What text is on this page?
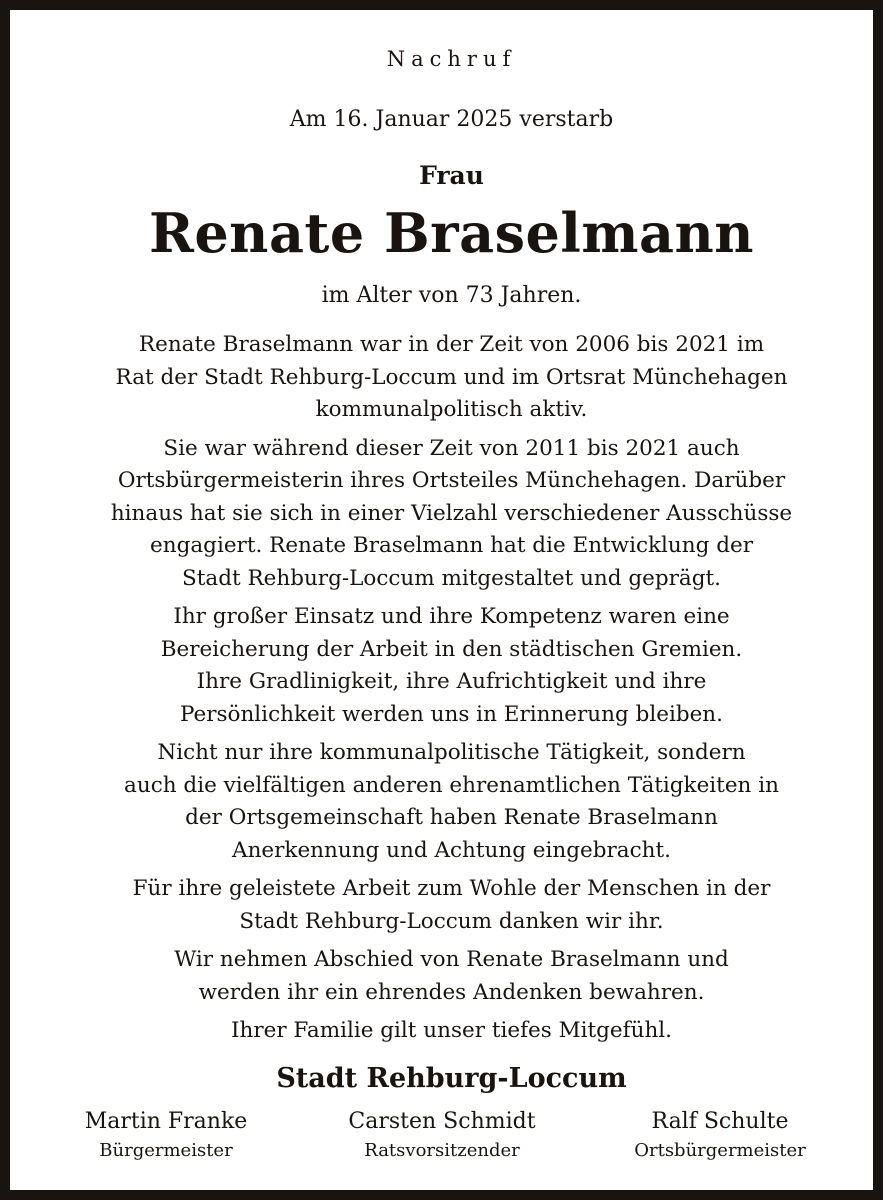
Nachruf
Am 16. Januar 2025 verstarb
Frau
Renate Braselmann
im Alter von 73 Jahren.
Renate Braselmann war in der Zeit von 2006 bis 2021 im
Rat der Stadt Rehburg-Loccum und im Ortsrat Münchehagen
kommunalpolitisch aktiv.
Sie war während dieser Zeit von 2011 bis 2021 auch
Ortsbürgermeisterin ihres Ortsteiles Münchehagen. Darüber
hinaus hat sie sich in einer Vielzahl verschiedener Ausschüsse
engagiert. Renate Braselmann hat die Entwicklung der
Stadt Rehburg-Loccum mitgestaltet und geprägt.
Ihr großer Einsatz und ihre Kompetenz waren eine
Bereicherung der Arbeit in den städtischen Gremien.
Ihre Gradlinigkeit, ihre Aufrichtigkeit und ihre
Persönlichkeit werden uns in Erinnerung bleiben.
Nicht nur ihre kommunalpolitische Tätigkeit, sondern
auch die vielfältigen anderen ehrenamtlichen Tätigkeiten in
der Ortsgemeinschaft haben Renate Braselmann
Anerkennung und Achtung eingebracht.
Für ihre geleistete Arbeit zum Wohle der Menschen in der
Stadt Rehburg-Loccum danken wir ihr.
Wir nehmen Abschied von Renate Braselmann und
werden ihr ein ehrendes Andenken bewahren.
Ihrer Familie gilt unser tiefes Mitgefühl.
Stadt Rehburg-Loccum
Martin Franke
Bürgermeister
Carsten Schmidt
Ratsvorsitzender
Ralf Schulte
Ortsbürgermeister
